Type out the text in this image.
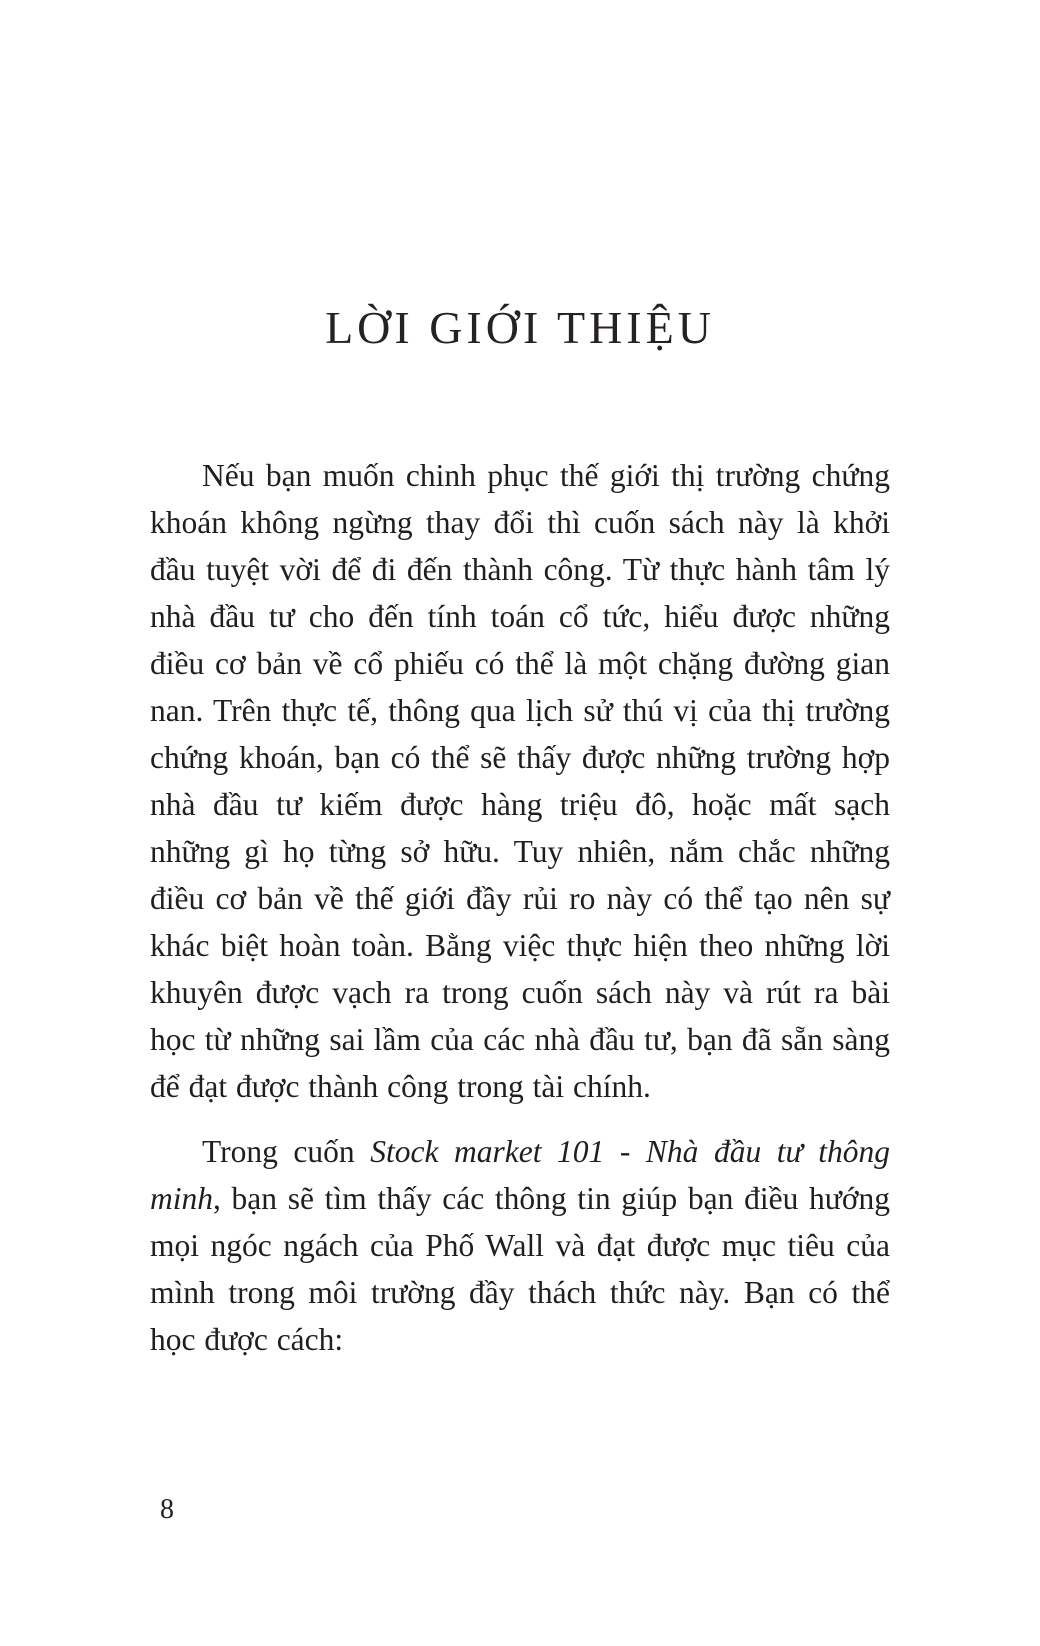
LỜI GIỚI THIỆU

Nếu bạn muốn chinh phục thế giới thị trường chứng khoán không ngừng thay đổi thì cuốn sách này là khởi đầu tuyệt vời để đi đến thành công. Từ thực hành tâm lý nhà đầu tư cho đến tính toán cổ tức, hiểu được những điều cơ bản về cổ phiếu có thể là một chặng đường gian nan. Trên thực tế, thông qua lịch sử thú vị của thị trường chứng khoán, bạn có thể sẽ thấy được những trường hợp nhà đầu tư kiếm được hàng triệu đô, hoặc mất sạch những gì họ từng sở hữu. Tuy nhiên, nắm chắc những điều cơ bản về thế giới đầy rủi ro này có thể tạo nên sự khác biệt hoàn toàn. Bằng việc thực hiện theo những lời khuyên được vạch ra trong cuốn sách này và rút ra bài học từ những sai lầm của các nhà đầu tư, bạn đã sẵn sàng để đạt được thành công trong tài chính.

Trong cuốn Stock market 101 - Nhà đầu tư thông minh, bạn sẽ tìm thấy các thông tin giúp bạn điều hướng mọi ngóc ngách của Phố Wall và đạt được mục tiêu của mình trong môi trường đầy thách thức này. Bạn có thể học được cách:

8
